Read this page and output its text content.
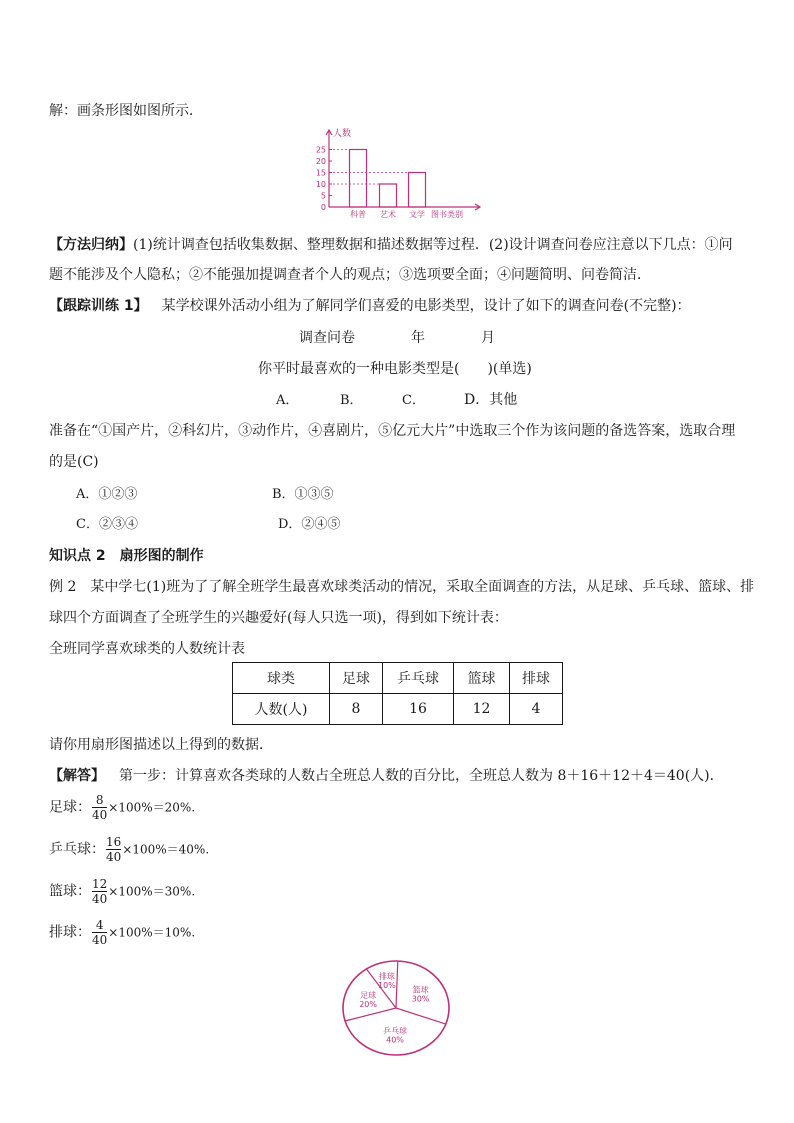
解：画条形图如图所示．
人数
0
5
10
15
20
25
科普 艺术 文学 图书类别
【方法归纳】(1)统计调查包括收集数据、整理数据和描述数据等过程．(2)设计调查问卷应注意以下几点：①问
题不能涉及个人隐私；②不能强加提调查者个人的观点；③选项要全面；④问题简明、问卷简洁．
【跟踪训练 1】 某学校课外活动小组为了解同学们喜爱的电影类型，设计了如下的调查问卷(不完整)：
调查问卷	年	月
你平时最喜欢的一种电影类型是(　　)(单选)
A．	B．	C．	D．其他
准备在“①国产片，②科幻片，③动作片，④喜剧片，⑤亿元大片”中选取三个作为该问题的备选答案，选取合理
的是(C)
A．①②③	B．①③⑤
C．②③④	D．②④⑤
知识点 2　扇形图的制作
例 2　某中学七(1)班为了了解全班学生最喜欢球类活动的情况，采取全面调查的方法，从足球、乒乓球、篮球、排
球四个方面调查了全班学生的兴趣爱好(每人只选一项)，得到如下统计表：
全班同学喜欢球类的人数统计表
球类	足球	乒乓球	篮球	排球
人数(人)	8	16	12	4
请你用扇形图描述以上得到的数据．
【解答】 第一步：计算喜欢各类球的人数占全班总人数的百分比，全班总人数为 8＋16＋12＋4＝40(人)．
足球： $\frac{8}{40} \times 100\%=20\%$.
乒乓球： $\frac{16}{40} \times 100\%=40\%$.
篮球： $\frac{12}{40} \times 100\%=30\%$.
排球： $\frac{4}{40} \times 100\%=10\%$.
篮球
30%
乒乓球
40%
足球
20%
排球
10%
